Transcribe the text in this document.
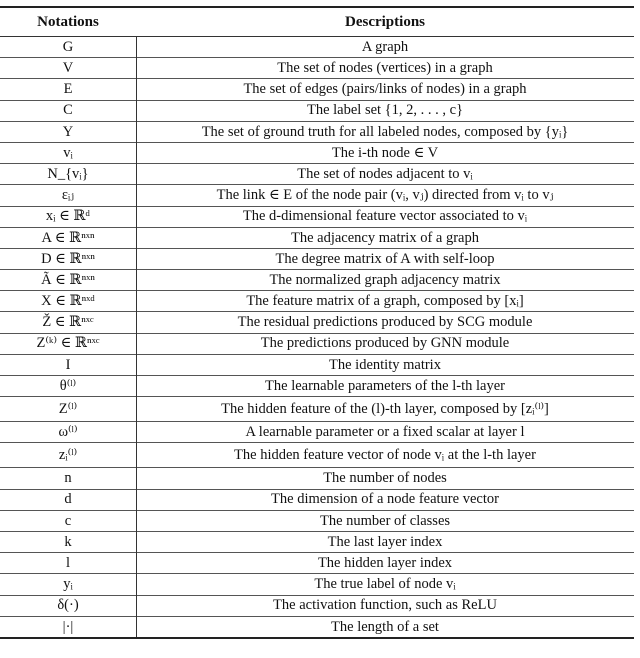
Notations	Descriptions
G	A graph
V	The set of nodes (vertices) in a graph
E	The set of edges (pairs/links of nodes) in a graph
C	The label set {1, 2, . . . , c}
Y	The set of ground truth for all labeled nodes, composed by {yᵢ}
vᵢ	The i-th node ∈ V
N_{vᵢ}	The set of nodes adjacent to vᵢ
εᵢⱼ	The link ∈ E of the node pair (vᵢ, vⱼ) directed from vᵢ to vⱼ
xᵢ ∈ ℝᵈ	The d-dimensional feature vector associated to vᵢ
A ∈ ℝⁿˣⁿ	The adjacency matrix of a graph
D ∈ ℝⁿˣⁿ	The degree matrix of A with self-loop
Ã ∈ ℝⁿˣⁿ	The normalized graph adjacency matrix
X ∈ ℝⁿˣᵈ	The feature matrix of a graph, composed by [xᵢ]
Ž ∈ ℝⁿˣᶜ	The residual predictions produced by SCG module
Z⁽ᵏ⁾ ∈ ℝⁿˣᶜ	The predictions produced by GNN module
I	The identity matrix
θ⁽ˡ⁾	The learnable parameters of the l-th layer
Z⁽ˡ⁾	The hidden feature of the (l)-th layer, composed by [zᵢ⁽ˡ⁾]
ω⁽ˡ⁾	A learnable parameter or a fixed scalar at layer l
zᵢ⁽ˡ⁾	The hidden feature vector of node vᵢ at the l-th layer
n	The number of nodes
d	The dimension of a node feature vector
c	The number of classes
k	The last layer index
l	The hidden layer index
yᵢ	The true label of node vᵢ
δ(·)	The activation function, such as ReLU
|·|	The length of a set
